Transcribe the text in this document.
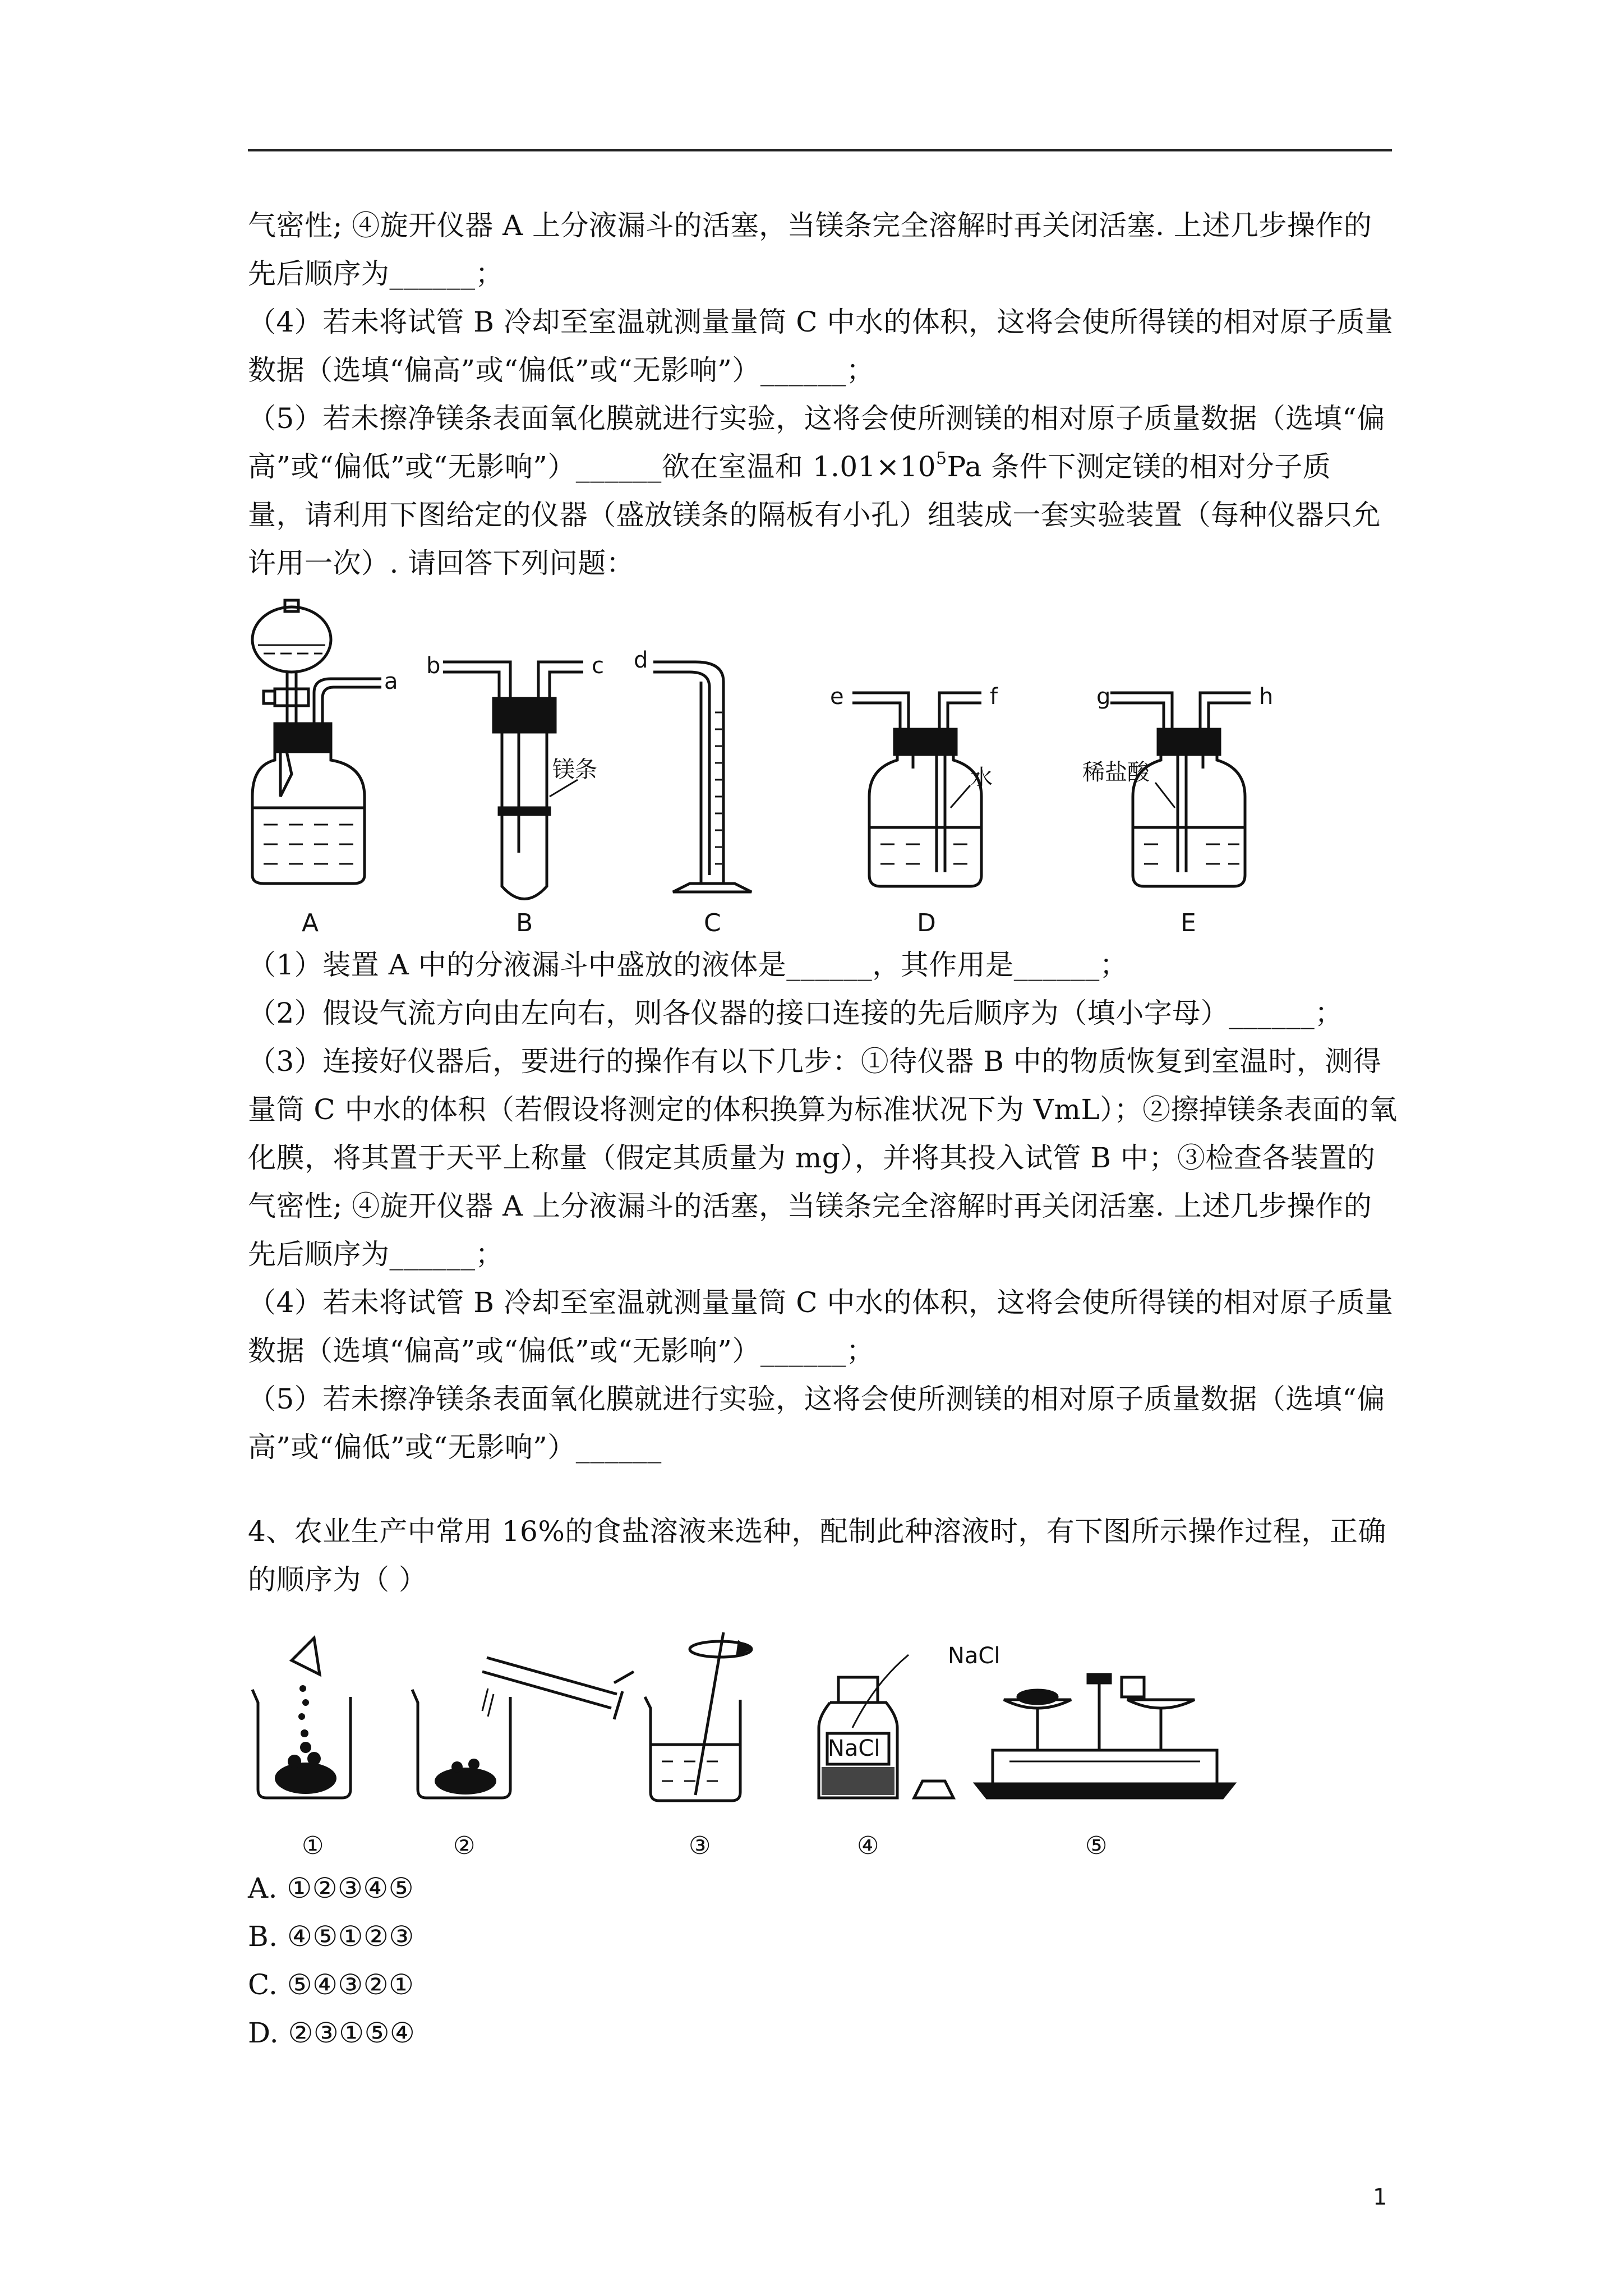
气密性; ④旋开仪器 A 上分液漏斗的活塞，当镁条完全溶解时再关闭活塞. 上述几步操作的
先后顺序为______；
（4）若未将试管 B 冷却至室温就测量量筒 C 中水的体积，这将会使所得镁的相对原子质量
数据（选填“偏高”或“偏低”或“无影响”）______；
（5）若未擦净镁条表面氧化膜就进行实验，这将会使所测镁的相对原子质量数据（选填“偏
高”或“偏低”或“无影响”）______欲在室温和 $1.01\times 10^5Pa$ 条件下测定镁的相对分子质
量，请利用下图给定的仪器（盛放镁条的隔板有小孔）组装成一套实验装置（每种仪器只允
许用一次）. 请回答下列问题：
a
b	c d
e	f	g	h
镁条	水	稀盐酸
A	B	C	D	E
（1）装置 A 中的分液漏斗中盛放的液体是______，其作用是______；
（2）假设气流方向由左向右，则各仪器的接口连接的先后顺序为（填小字母）______；
（3）连接好仪器后，要进行的操作有以下几步：①待仪器 B 中的物质恢复到室温时，测得
量筒 C 中水的体积（若假设将测定的体积换算为标准状况下为 VmL）；②擦掉镁条表面的氧
化膜，将其置于天平上称量（假定其质量为 mg），并将其投入试管 B 中；③检查各装置的
气密性; ④旋开仪器 A 上分液漏斗的活塞，当镁条完全溶解时再关闭活塞. 上述几步操作的
先后顺序为______；
（4）若未将试管 B 冷却至室温就测量量筒 C 中水的体积，这将会使所得镁的相对原子质量
数据（选填“偏高”或“偏低”或“无影响”）______；
（5）若未擦净镁条表面氧化膜就进行实验，这将会使所测镁的相对原子质量数据（选填“偏
高”或“偏低”或“无影响”）______
4、农业生产中常用 16%的食盐溶液来选种，配制此种溶液时，有下图所示操作过程，正确
的顺序为（ ）
NaCl
NaCl
①	②	③	④	⑤
A. ①②③④⑤
B. ④⑤①②③
C. ⑤④③②①
D. ②③①⑤④
1
